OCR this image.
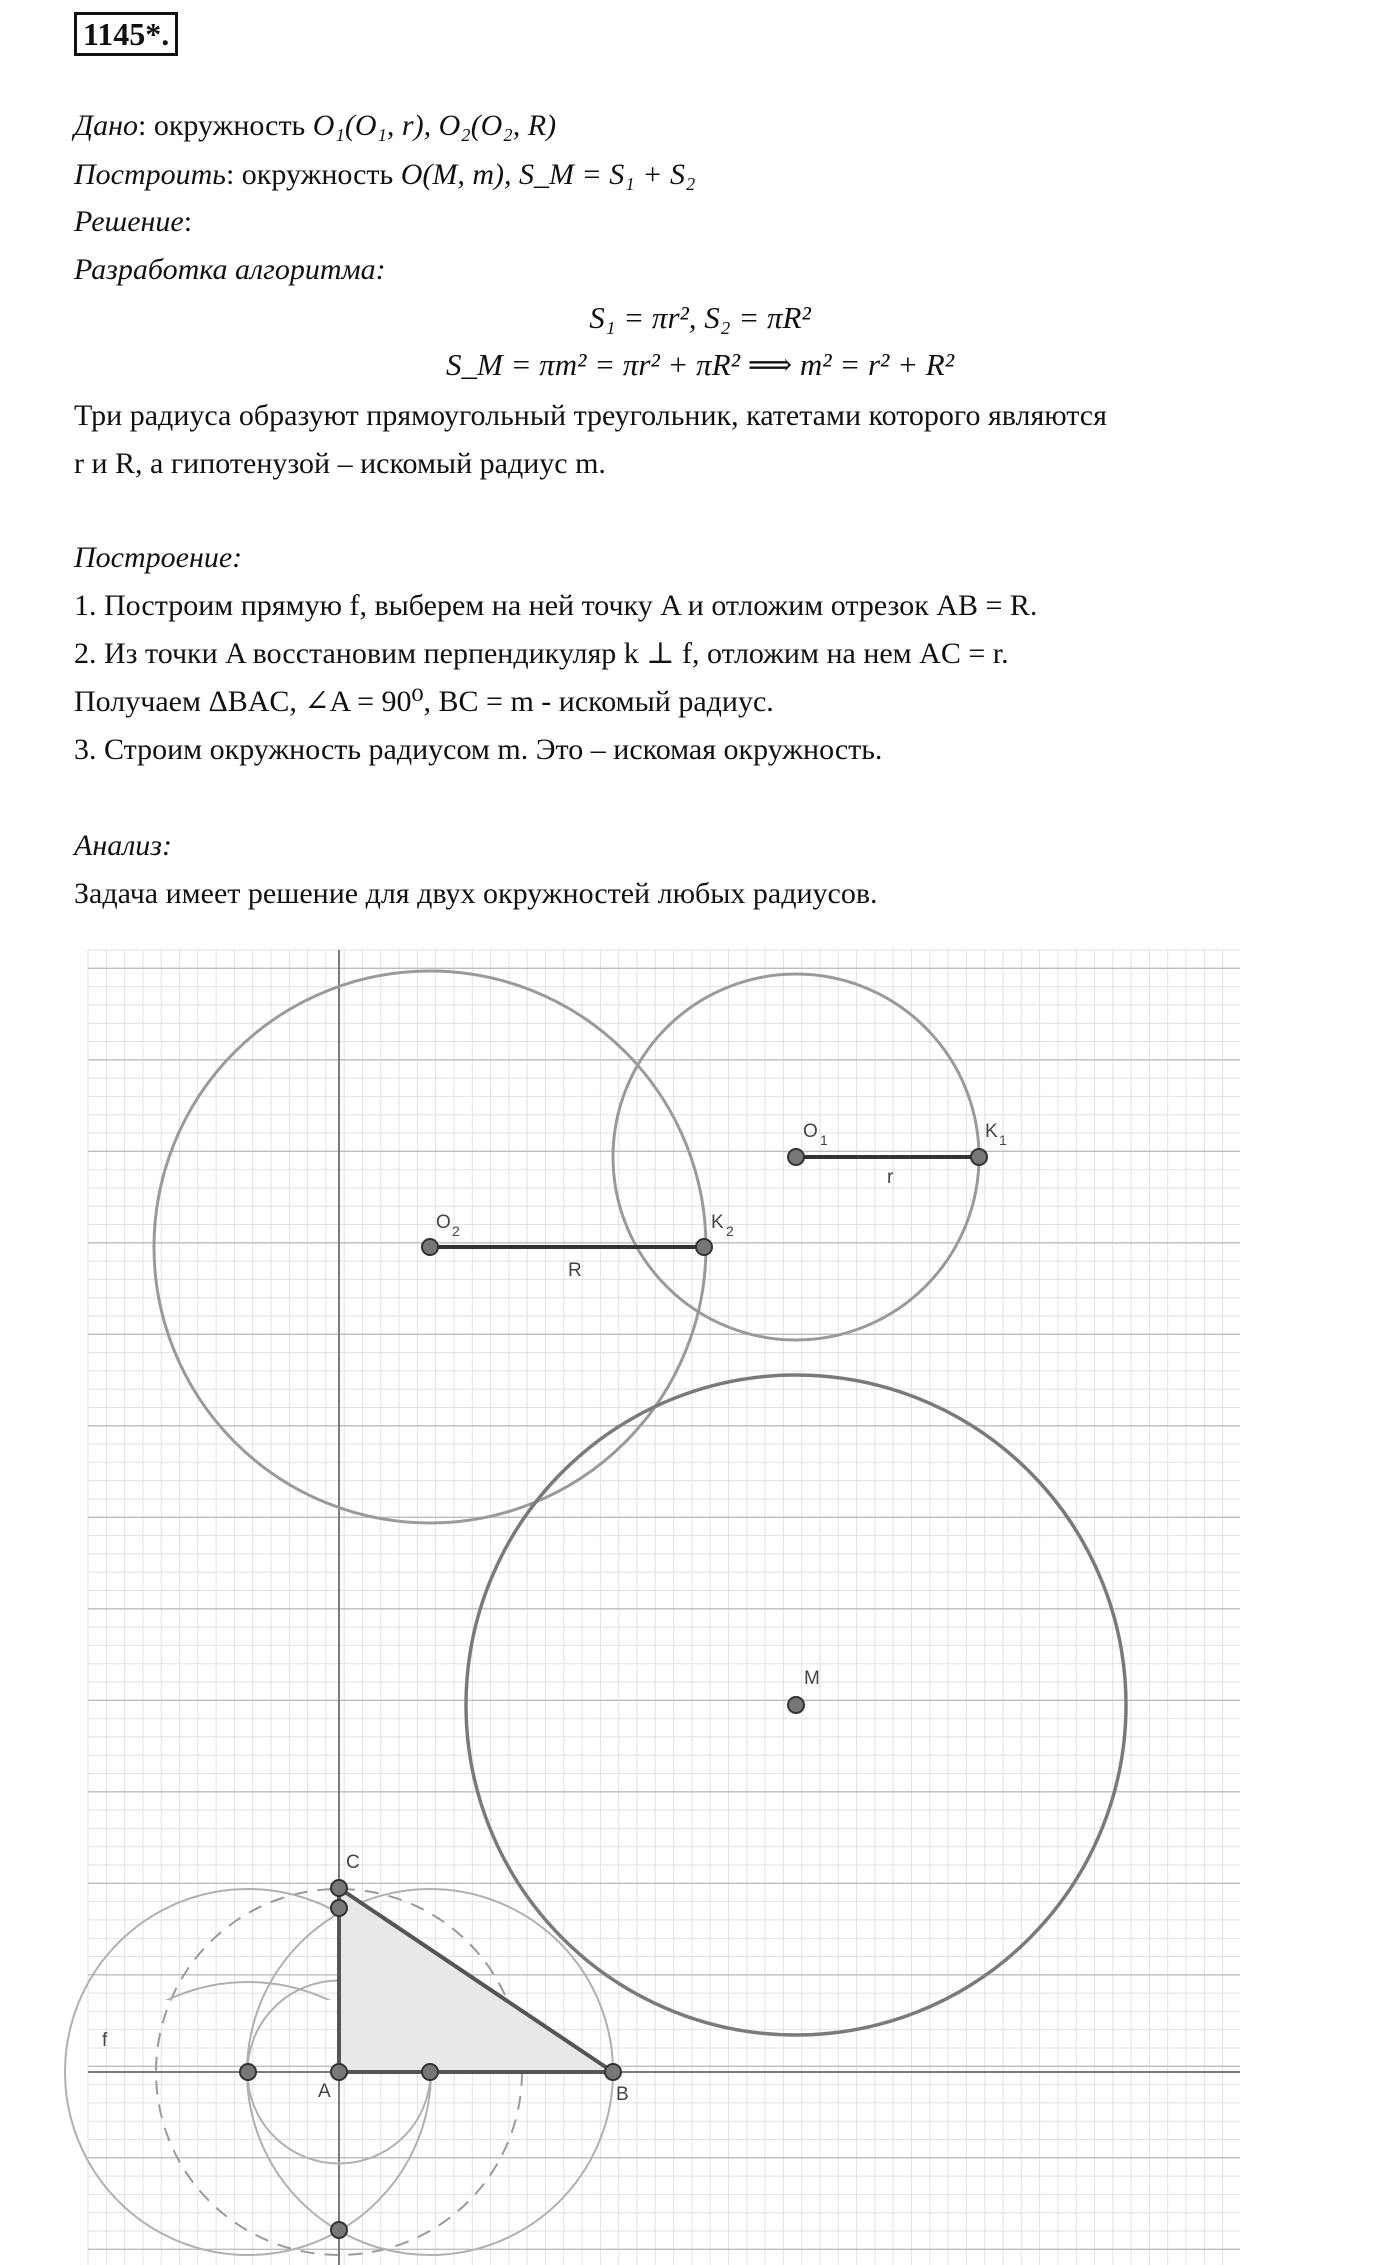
1145*.
Дано: окружность O₁(O₁, r), O₂(O₂, R)
Построить: окружность O(M, m), S_M = S₁ + S₂
Решение:
Разработка алгоритма:
S₁ = πr², S₂ = πR²
S_M = πm² = πr² + πR² ⟹ m² = r² + R²
Три радиуса образуют прямоугольный треугольник, катетами которого являются
r и R, а гипотенузой – искомый радиус m.
Построение:
1. Построим прямую f, выберем на ней точку A и отложим отрезок AB = R.
2. Из точки A восстановим перпендикуляр k ⊥ f, отложим на нем AC = r.
Получаем ΔBAC, ∠A = 90⁰, BC = m - искомый радиус.
3. Строим окружность радиусом m. Это – искомая окружность.
Анализ:
Задача имеет решение для двух окружностей любых радиусов.
O 1	K 1
r
O 2	K 2
R
M
C
A	B
f
